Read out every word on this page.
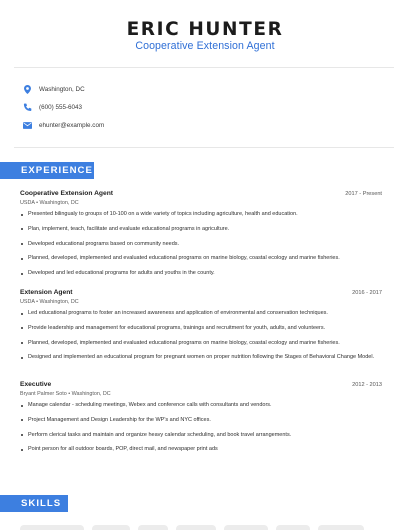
ERIC HUNTER
Cooperative Extension Agent
Washington, DC
(600) 555-6043
ehunter@example.com
EXPERIENCE
Cooperative Extension Agent	2017 - Present
USDA • Washington, DC
Presented bilingualy to groups of 10-100 on a wide variety of topics including agriculture, health and education.
Plan, implement, teach, facilitate and evaluate educational programs in agriculture.
Developed educational programs based on community needs.
Planned, developed, implemented and evaluated educational programs on marine biology, coastal ecology and marine fisheries.
Developed and led educational programs for adults and youths in the county.
Extension Agent	2016 - 2017
USDA • Washington, DC
Led educational programs to foster an increased awareness and application of environmental and conservation techniques.
Provide leadership and management for educational programs, trainings and recruitment for youth, adults, and volunteers.
Planned, developed, implemented and evaluated educational programs on marine biology, coastal ecology and marine fisheries.
Designed and implemented an educational program for pregnant women on proper nutrition following the Stages of Behavioral Change Model.
Executive	2012 - 2013
Bryant Palmer Soto • Washington, DC
Manage calendar - scheduling meetings, Webex and conference calls with consultants and vendors.
Project Management and Design Leadership for the WP's and NYC offices.
Perform clerical tasks and maintain and organize heavy calendar scheduling, and book travel arrangements.
Point person for all outdoor boards, POP, direct mail, and newspaper print ads
SKILLS
